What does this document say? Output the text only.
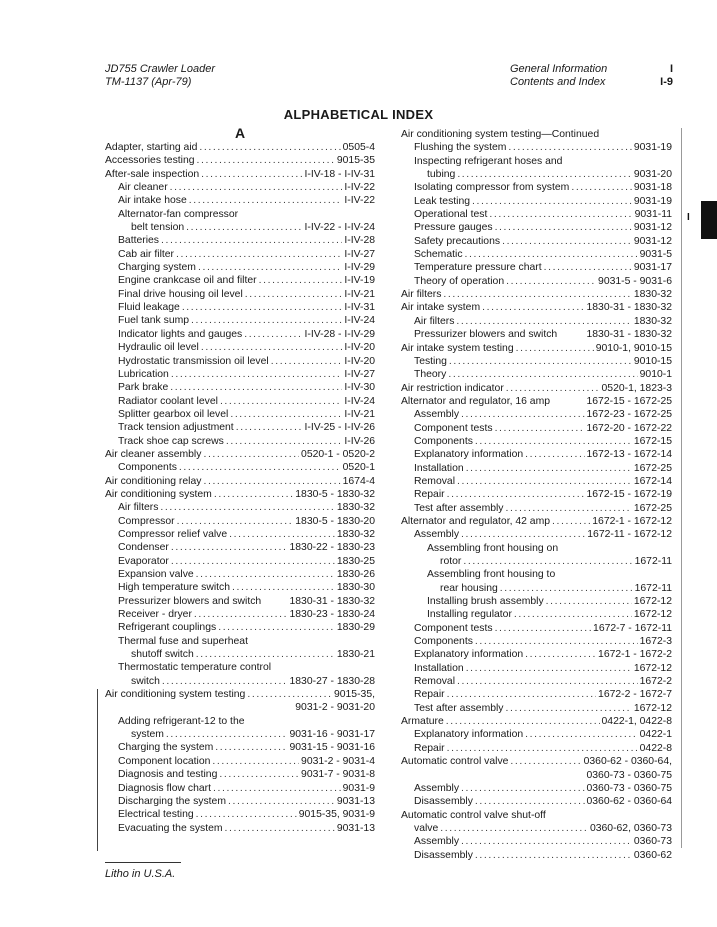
JD755 Crawler Loader
TM-1137 (Apr-79)
General Information	I
Contents and Index	I-9
ALPHABETICAL INDEX
A
Adapter, starting aid .....	0505-4
Accessories testing .....	9015-35
After-sale inspection .....	I-IV-18 - I-IV-31
Air cleaner .....	I-IV-22
Air intake hose .....	I-IV-22
Alternator-fan compressor
belt tension .....	I-IV-22 - I-IV-24
Batteries .....	I-IV-28
Cab air filter .....	I-IV-27
Charging system .....	I-IV-29
Engine crankcase oil and filter .....	I-IV-19
Final drive housing oil level .....	I-IV-21
Fluid leakage .....	I-IV-31
Fuel tank sump .....	I-IV-24
Indicator lights and gauges .....	I-IV-28 - I-IV-29
Hydraulic oil level .....	I-IV-20
Hydrostatic transmission oil level .....	I-IV-20
Lubrication .....	I-IV-27
Park brake .....	I-IV-30
Radiator coolant level .....	I-IV-24
Splitter gearbox oil level .....	I-IV-21
Track tension adjustment .....	I-IV-25 - I-IV-26
Track shoe cap screws .....	I-IV-26
Air cleaner assembly .....	0520-1 - 0520-2
Components .....	0520-1
Air conditioning relay .....	1674-4
Air conditioning system .....	1830-5 - 1830-32
Air filters .....	1830-32
Compressor .....	1830-5 - 1830-20
Compressor relief valve .....	1830-32
Condenser .....	1830-22 - 1830-23
Evaporator .....	1830-25
Expansion valve .....	1830-26
High temperature switch .....	1830-30
Pressurizer blowers and switch	1830-31 - 1830-32
Receiver - dryer .....	1830-23 - 1830-24
Refrigerant couplings .....	1830-29
Thermal fuse and superheat
shutoff switch .....	1830-21
Thermostatic temperature control
switch .....	1830-27 - 1830-28
Air conditioning system testing .....	9015-35,
9031-2 - 9031-20
Adding refrigerant-12 to the
system .....	9031-16 - 9031-17
Charging the system .....	9031-15 - 9031-16
Component location .....	9031-2 - 9031-4
Diagnosis and testing .....	9031-7 - 9031-8
Diagnosis flow chart .....	9031-9
Discharging the system .....	9031-13
Electrical testing .....	9015-35, 9031-9
Evacuating the system .....	9031-13
Air conditioning system testing—Continued
Flushing the system .....	9031-19
Inspecting refrigerant hoses and
tubing .....	9031-20
Isolating compressor from system .....	9031-18
Leak testing .....	9031-19
Operational test .....	9031-11
Pressure gauges .....	9031-12
Safety precautions .....	9031-12
Schematic .....	9031-5
Temperature pressure chart .....	9031-17
Theory of operation .....	9031-5 - 9031-6
Air filters .....	1830-32
Air intake system .....	1830-31 - 1830-32
Air filters .....	1830-32
Pressurizer blowers and switch	1830-31 - 1830-32
Air intake system testing .....	9010-1, 9010-15
Testing .....	9010-15
Theory .....	9010-1
Air restriction indicator .....	0520-1, 1823-3
Alternator and regulator, 16 amp	1672-15 - 1672-25
Assembly .....	1672-23 - 1672-25
Component tests .....	1672-20 - 1672-22
Components .....	1672-15
Explanatory information .....	1672-13 - 1672-14
Installation .....	1672-25
Removal .....	1672-14
Repair .....	1672-15 - 1672-19
Test after assembly .....	1672-25
Alternator and regulator, 42 amp .....	1672-1 - 1672-12
Assembly .....	1672-11 - 1672-12
Assembling front housing on
rotor .....	1672-11
Assembling front housing to
rear housing .....	1672-11
Installing brush assembly .....	1672-12
Installing regulator .....	1672-12
Component tests .....	1672-7 - 1672-11
Components .....	1672-3
Explanatory information .....	1672-1 - 1672-2
Installation .....	1672-12
Removal .....	1672-2
Repair .....	1672-2 - 1672-7
Test after assembly .....	1672-12
Armature .....	0422-1, 0422-8
Explanatory information .....	0422-1
Repair .....	0422-8
Automatic control valve .....	0360-62 - 0360-64,
0360-73 - 0360-75
Assembly .....	0360-73 - 0360-75
Disassembly .....	0360-62 - 0360-64
Automatic control valve shut-off
valve .....	0360-62, 0360-73
Assembly .....	0360-73
Disassembly .....	0360-62
I
Litho in U.S.A.
